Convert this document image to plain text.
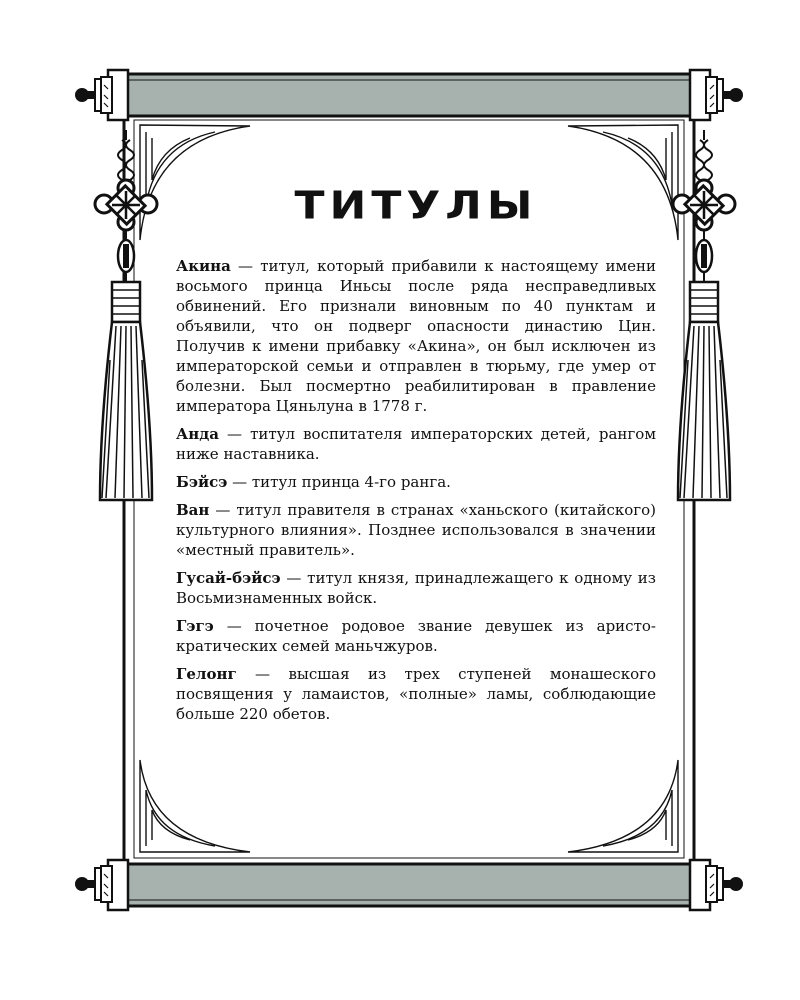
ТИТУЛЫ

Акина — титул, который прибавили к настоящему имени восьмого принца Иньсы после ряда несправедливых обвинений. Его признали виновным по 40 пунктам и объявили, что он подверг опасности династию Цин. Получив к имени прибавку «Акина», он был исключен из императорской семьи и отправлен в тюрьму, где умер от болезни. Был посмертно реабилитирован в правление императора Цяньлуна в 1778 г.

Анда — титул воспитателя императорских детей, рангом ниже наставника.

Бэйсэ — титул принца 4-го ранга.

Ван — титул правителя в странах «ханьского (китайского) культурного влияния». Позднее использовался в значении «местный правитель».

Гусай-бэйсэ — титул князя, принадлежащего к одному из Восьмизнаменных войск.

Гэгэ — почетное родовое звание девушек из аристократических семей маньчжуров.

Гелонг — высшая из трех ступеней монашеского посвящения у ламаистов, «полные» ламы, соблюдающие больше 220 обетов.
